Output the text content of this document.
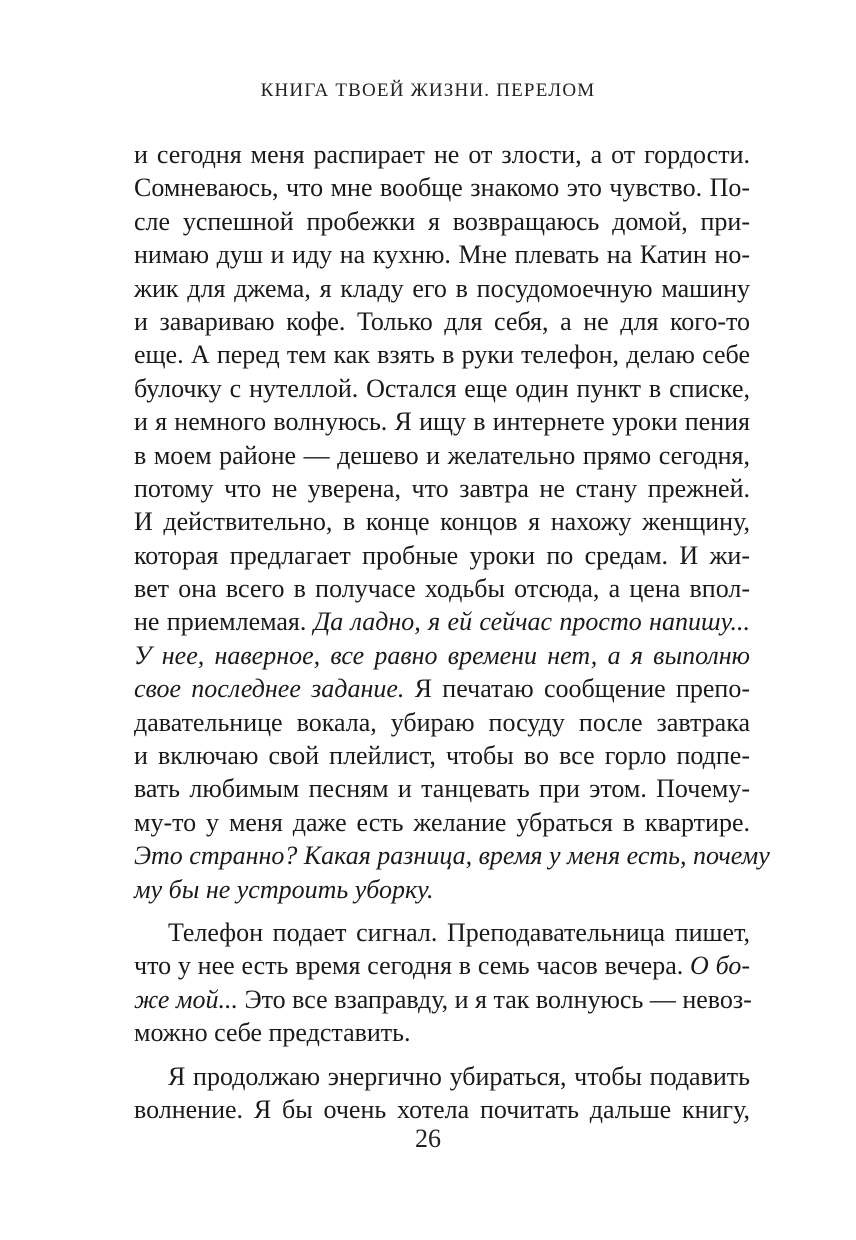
КНИГА ТВОЕЙ ЖИЗНИ. ПЕРЕЛОМ
и сегодня меня распирает не от злости, а от гордости.
Сомневаюсь, что мне вообще знакомо это чувство. По-
сле успешной пробежки я возвращаюсь домой, при-
нимаю душ и иду на кухню. Мне плевать на Катин но-
жик для джема, я кладу его в посудомоечную машину
и завариваю кофе. Только для себя, а не для кого-то
еще. А перед тем как взять в руки телефон, делаю себе
булочку с нутеллой. Остался еще один пункт в списке,
и я немного волнуюсь. Я ищу в интернете уроки пения
в моем районе — дешево и желательно прямо сегодня,
потому что не уверена, что завтра не стану прежней.
И действительно, в конце концов я нахожу женщину,
которая предлагает пробные уроки по средам. И жи-
вет она всего в получасе ходьбы отсюда, а цена впол-
не приемлемая. Да ладно, я ей сейчас просто напишу...
У нее, наверное, все равно времени нет, а я выполню
свое последнее задание. Я печатаю сообщение препо-
давательнице вокала, убираю посуду после завтрака
и включаю свой плейлист, чтобы во все горло подпе-
вать любимым песням и танцевать при этом. Почему-
му-то у меня даже есть желание убраться в квартире.
Это странно? Какая разница, время у меня есть, почему
му бы не устроить уборку.
Телефон подает сигнал. Преподавательница пишет,
что у нее есть время сегодня в семь часов вечера. О бо-
же мой... Это все взаправду, и я так волнуюсь — невоз-
можно себе представить.
Я продолжаю энергично убираться, чтобы подавить
волнение. Я бы очень хотела почитать дальше книгу,
26
